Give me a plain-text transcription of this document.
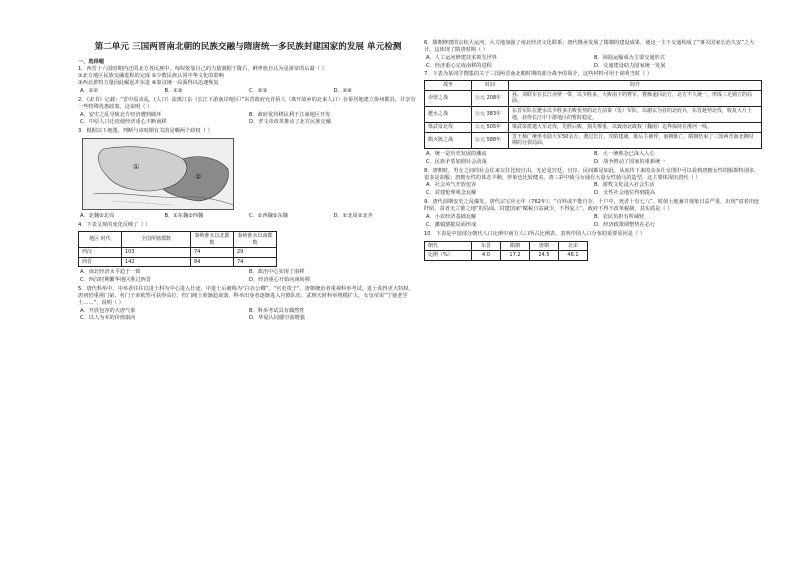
第二单元 三国两晋南北朝的民族交融与隋唐统一多民族封建国家的发展 单元检测
一、选择题
1．西晋十六国时期内迁的北方各民族中，匈奴依靠自己的力量割据于陇右，鲜卑族自认为是黄帝的后裔（ ）
①北方地区民族交融进程的完成 ②少数民族认同中华文化的影响
③西北游牧力量因此崛起并东进 ④秦汉统一局面得以迅速恢复
A．①②	B．①③	C．②③	D．②④
2．《宋书》记载：“晋中原丧乱，(人口）流离江东（长江下游南岸地区）”东晋政府允许侨人（离开故乡的北来人口）在侨居地建立侨州郡县，并享有一些特殊优惠政策。这说明（ ）
A．安史之乱导致北方经济遭到破坏	B．政府优待移民利于江南地区开发
C．中原人口迁徙使经济重心不断南移	D．孝文帝改革推动了北方民族交融
3．根据以下地图，判断与该时期有关的是哪两个政权（ ）
①
②
A．北魏②北周	B．①东魏②西魏	C．①西魏②东魏	D．①北周②北齐
4．下表呈现的变化反映了（ ）
地区 时代	全国所辖郡数	秦岭淮水以北郡数	秦岭淮水以南郡数
西汉	103	74	29
西晋	142	84	74
A．南北经济水平趋于一致	B．政治中心实现了南移
C．西汉时期繁华地区胜过西晋	D．经济重心开始向南转移
5．唐代科举中，中举者往往以进士科为中心进入仕途，中进士后被称为“白衣公卿”，“官吏贵子”，唐朝统治者重视科举考试，进士获得更大特权。唐初仍重视门第，名门子弟依然可获得高位，但门阀士族渐趋衰落，科举出身者逐渐进入官僚队伍。武则天时科举规模扩大，女皇帝说“宁使老学士……”，说明（ ）
A．开放包容的大唐气象	B．科举考试具有偶然性
C．以人为本的价值取向	D．华夏认同感空前增强
6．隋朝修建的京杭大运河，大力地加强了南北经济文化联系；唐代继承发展了隋朝的建设成果，使这一主干交通构成了“事关国家长治久安”之大计。这体现了隋唐时期（ ）
A．人工运河修建技术领先世界	B．海陆运输成为主要交通形式
C．经济重心完成南移的进程	D．交通建设助力国家统一发展
7．下表为某同学搜集的关于三国两晋南北朝时期的部分战争的简介，这些材料可用于说明当时（ ）
战争	时间	简介
赤壁之战	公元 208年	孙、刘联军在长江赤壁一带，以少胜多，大败南下的曹军，曹操退回北方，北方不久统一，形成三足鼎立的局面。
淝水之战	公元 383年	东晋军队在淝水以少胜多击败优势的北方前秦（氐）军队，以谢玄为首的北府兵，东晋趁势北伐，收复大片土地，获得长江中下游地区的暂时稳定。
梁武帝北伐	公元 505年	梁武帝派遣大军北伐，先胜后败，损失惨重，以致南北政权（魏南）边界保持在淮河一线。
隋灭陈之战	公元 588年	晋王杨广统率水陆大军50余万，渡过长江，攻陷建康，陈后主被俘，南朝陈亡。隋朝结束了三国两晋南北朝时期的分裂局面。
A．统一是历史发展的潮流	B．大一统观念已深入人心
C．民族矛盾加剧社会动荡	D．战争推动了国家的重新统一
8．唐朝时，男女之间的社会往来交往比较自由，无论是宫廷、官宦、民间都是如此，从流传下来的众多仕女图中可以看到唐朝女性的服饰特别多，很多是胡服；唐朝女性的体态丰腴，形象也比较健美。唐三彩中骑马女俑有大量女性骑马的造型。这主要体现出唐代（ ）
A．社会风气开放包容	B．游牧文化浸入社会生活
C．封建伦理观念瓦解	D．女性社会地位得到提高
9．唐代前期安史之乱爆发，唐代宗宝应元年（762年），“百姓或不能自存，十户中，死者十有七八”。时值土地兼并现象日益严重，出现“富者田连阡陌，贫者无立锥之地”的局面，封建国家“赋税日益减少，不得复上”，政府不得不改革税制，其实质是（ ）
A．小农经济基础瓦解	B．农民负担有所减轻
C．藩镇割据局面形成	D．经济政策调整势在必行
10．下表是中国部分朝代人口比例中南方人口所占比例表，表明中国人口分布的重要原因是（ ）
朝代	东晋	隋朝	唐朝	北宋
比例（%）	4.0	17.2	24.5	46.1
